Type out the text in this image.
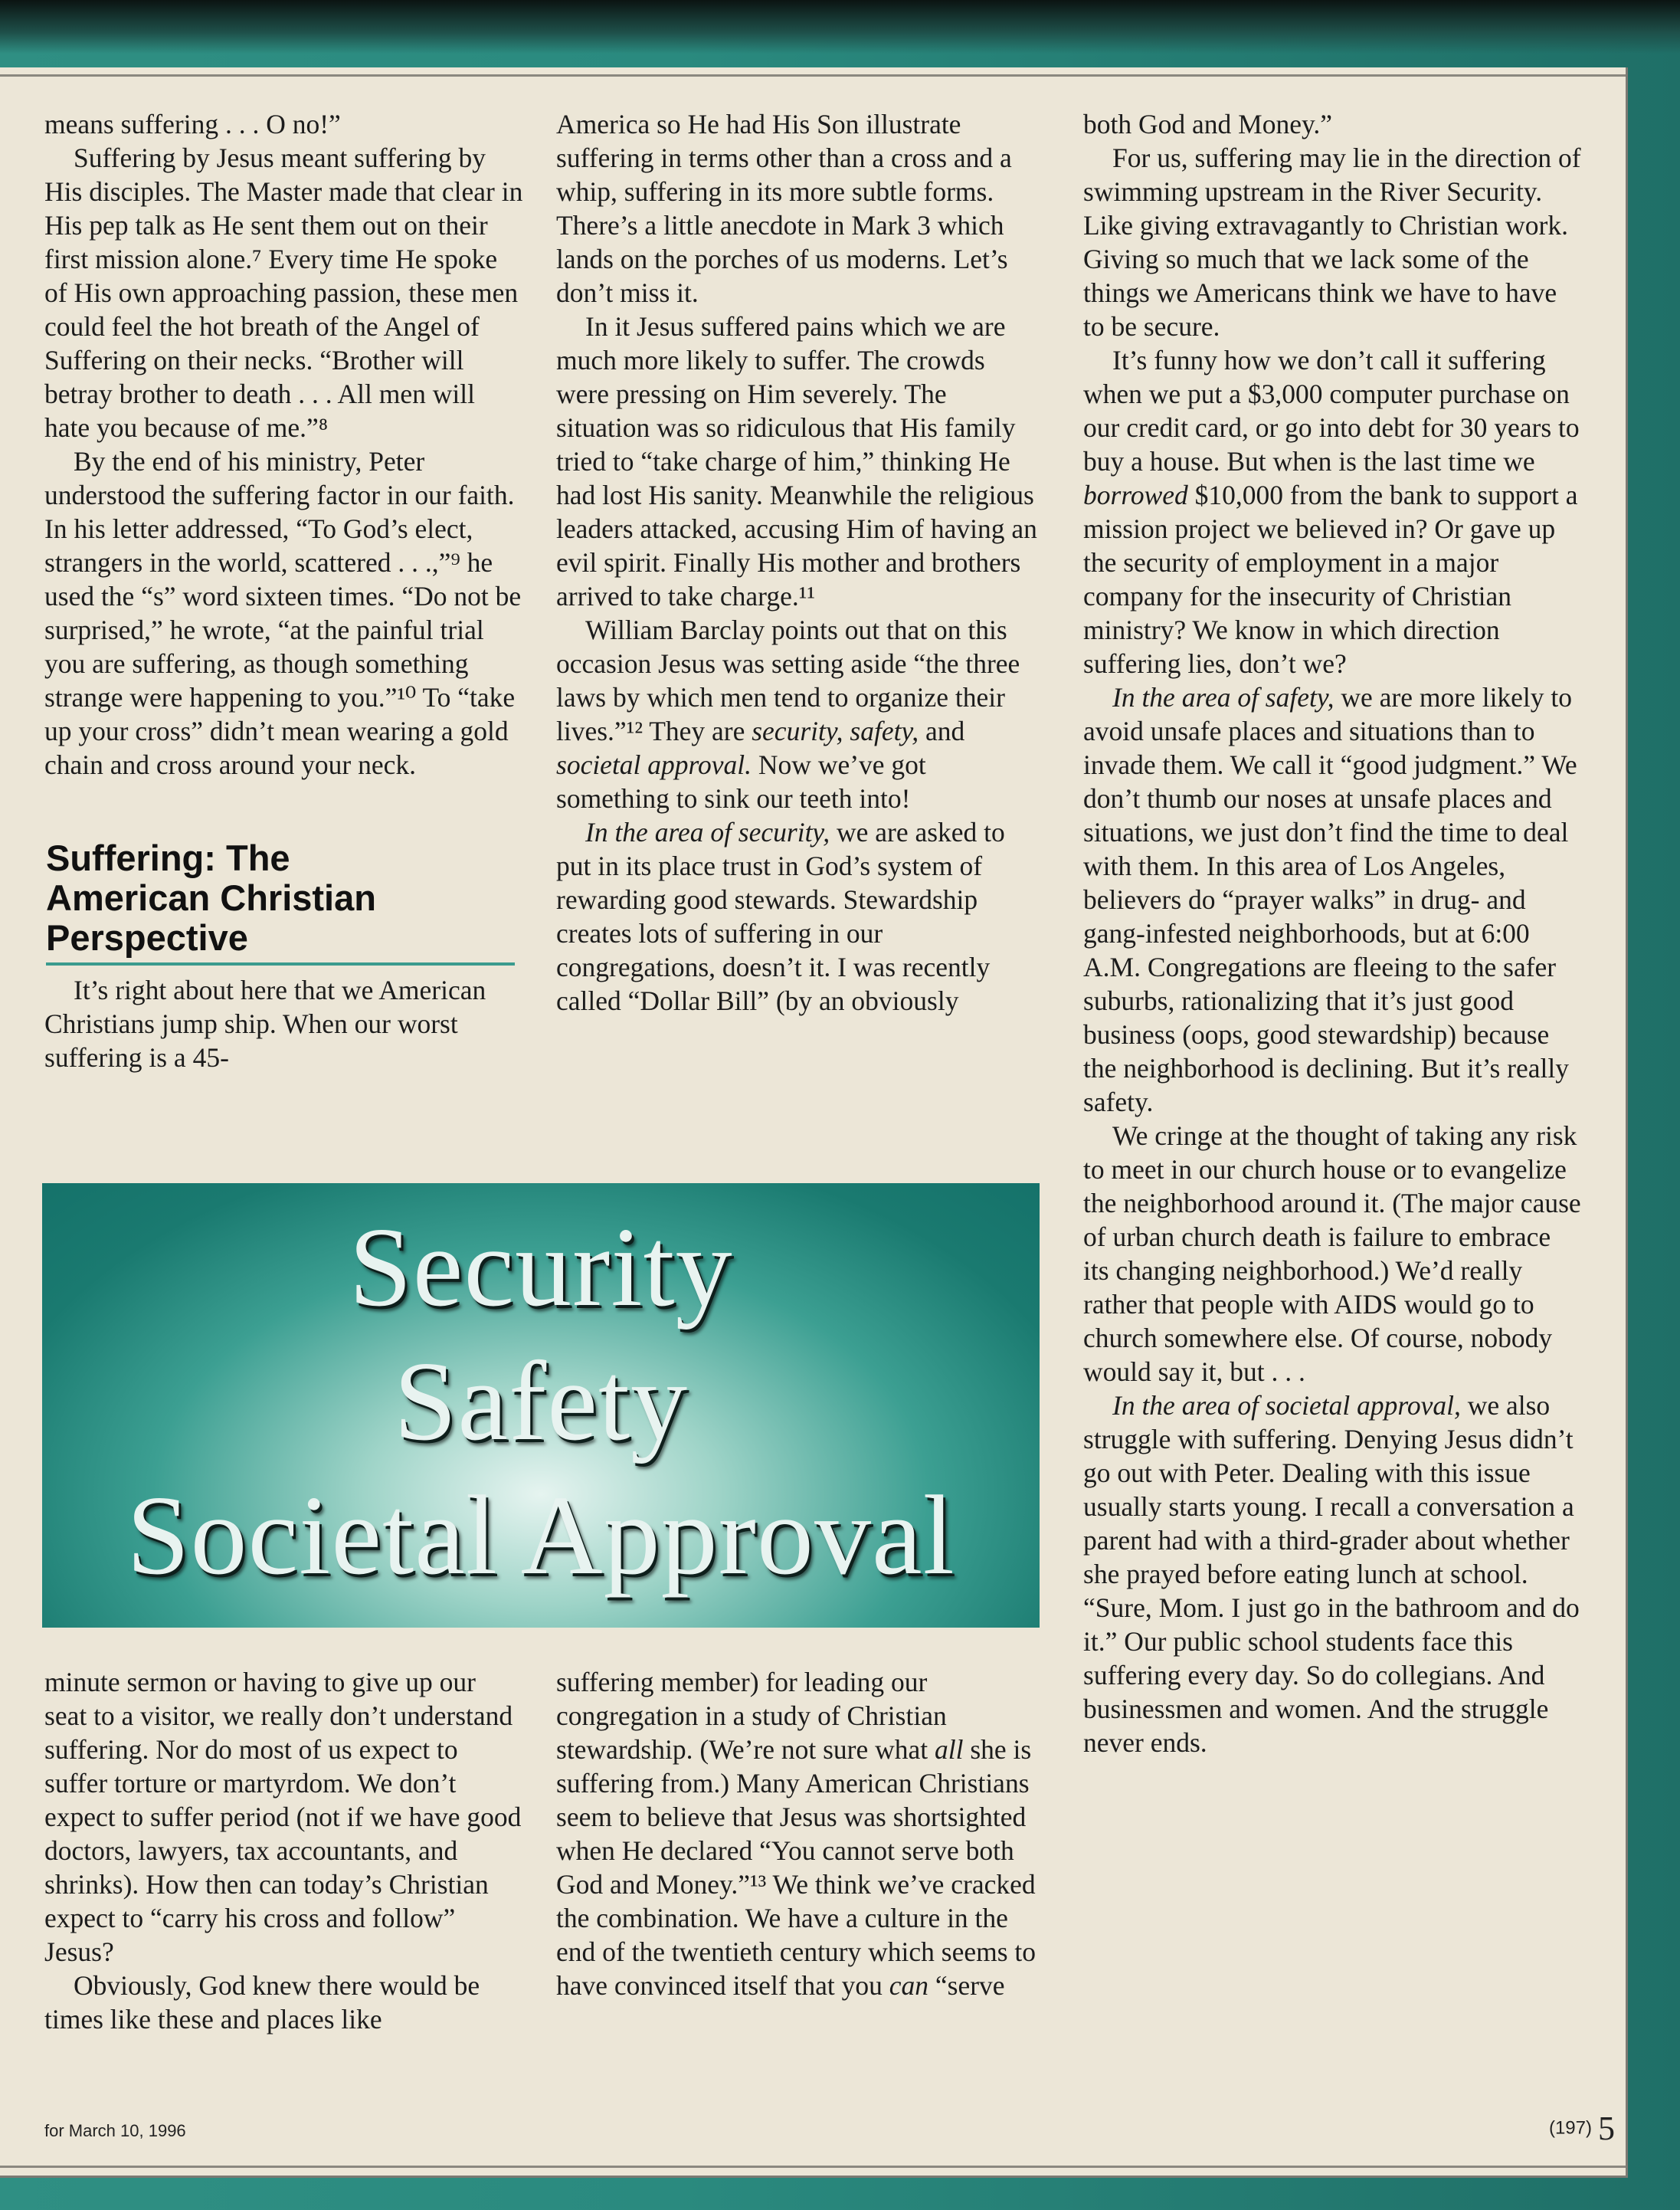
means suffering . . . O no!”

Suffering by Jesus meant suffering by His disciples. The Master made that clear in His pep talk as He sent them out on their first mission alone.⁷ Every time He spoke of His own approaching passion, these men could feel the hot breath of the Angel of Suffering on their necks. “Brother will betray brother to death . . . All men will hate you because of me.”⁸

By the end of his ministry, Peter understood the suffering factor in our faith. In his letter addressed, “To God’s elect, strangers in the world, scattered . . .,”⁹ he used the “s” word sixteen times. “Do not be surprised,” he wrote, “at the painful trial you are suffering, as though something strange were happening to you.”¹⁰ To “take up your cross” didn’t mean wearing a gold chain and cross around your neck.

Suffering: The
American Christian
Perspective

It’s right about here that we American Christians jump ship. When our worst suffering is a 45-

America so He had His Son illustrate suffering in terms other than a cross and a whip, suffering in its more subtle forms. There’s a little anecdote in Mark 3 which lands on the porches of us moderns. Let’s don’t miss it.

In it Jesus suffered pains which we are much more likely to suffer. The crowds were pressing on Him severely. The situation was so ridiculous that His family tried to “take charge of him,” thinking He had lost His sanity. Meanwhile the religious leaders attacked, accusing Him of having an evil spirit. Finally His mother and brothers arrived to take charge.¹¹

William Barclay points out that on this occasion Jesus was setting aside “the three laws by which men tend to organize their lives.”¹² They are security, safety, and societal approval. Now we’ve got something to sink our teeth into!

In the area of security, we are asked to put in its place trust in God’s system of rewarding good stewards. Stewardship creates lots of suffering in our congregations, doesn’t it. I was recently called “Dollar Bill” (by an obviously

both God and Money.”

For us, suffering may lie in the direction of swimming upstream in the River Security. Like giving extravagantly to Christian work. Giving so much that we lack some of the things we Americans think we have to have to be secure.

It’s funny how we don’t call it suffering when we put a $3,000 computer purchase on our credit card, or go into debt for 30 years to buy a house. But when is the last time we borrowed $10,000 from the bank to support a mission project we believed in? Or gave up the security of employment in a major company for the insecurity of Christian ministry? We know in which direction suffering lies, don’t we?

In the area of safety, we are more likely to avoid unsafe places and situations than to invade them. We call it “good judgment.” We don’t thumb our noses at unsafe places and situations, we just don’t find the time to deal with them. In this area of Los Angeles, believers do “prayer walks” in drug- and gang-infested neighborhoods, but at 6:00 A.M. Congregations are fleeing to the safer suburbs, rationalizing that it’s just good business (oops, good stewardship) because the neighborhood is declining. But it’s really safety.

We cringe at the thought of taking any risk to meet in our church house or to evangelize the neighborhood around it. (The major cause of urban church death is failure to embrace its changing neighborhood.) We’d really rather that people with AIDS would go to church somewhere else. Of course, nobody would say it, but . . .

In the area of societal approval, we also struggle with suffering. Denying Jesus didn’t go out with Peter. Dealing with this issue usually starts young. I recall a conversation a parent had with a third-grader about whether she prayed before eating lunch at school. “Sure, Mom. I just go in the bathroom and do it.” Our public school students face this suffering every day. So do collegians. And businessmen and women. And the struggle never ends.

Security
Safety
Societal Approval

minute sermon or having to give up our seat to a visitor, we really don’t understand suffering. Nor do most of us expect to suffer torture or martyrdom. We don’t expect to suffer period (not if we have good doctors, lawyers, tax accountants, and shrinks). How then can today’s Christian expect to “carry his cross and follow” Jesus?

Obviously, God knew there would be times like these and places like

suffering member) for leading our congregation in a study of Christian stewardship. (We’re not sure what all she is suffering from.) Many American Christians seem to believe that Jesus was shortsighted when He declared “You cannot serve both God and Money.”¹³ We think we’ve cracked the combination. We have a culture in the end of the twentieth century which seems to have convinced itself that you can “serve

for March 10, 1996	(197) 5
